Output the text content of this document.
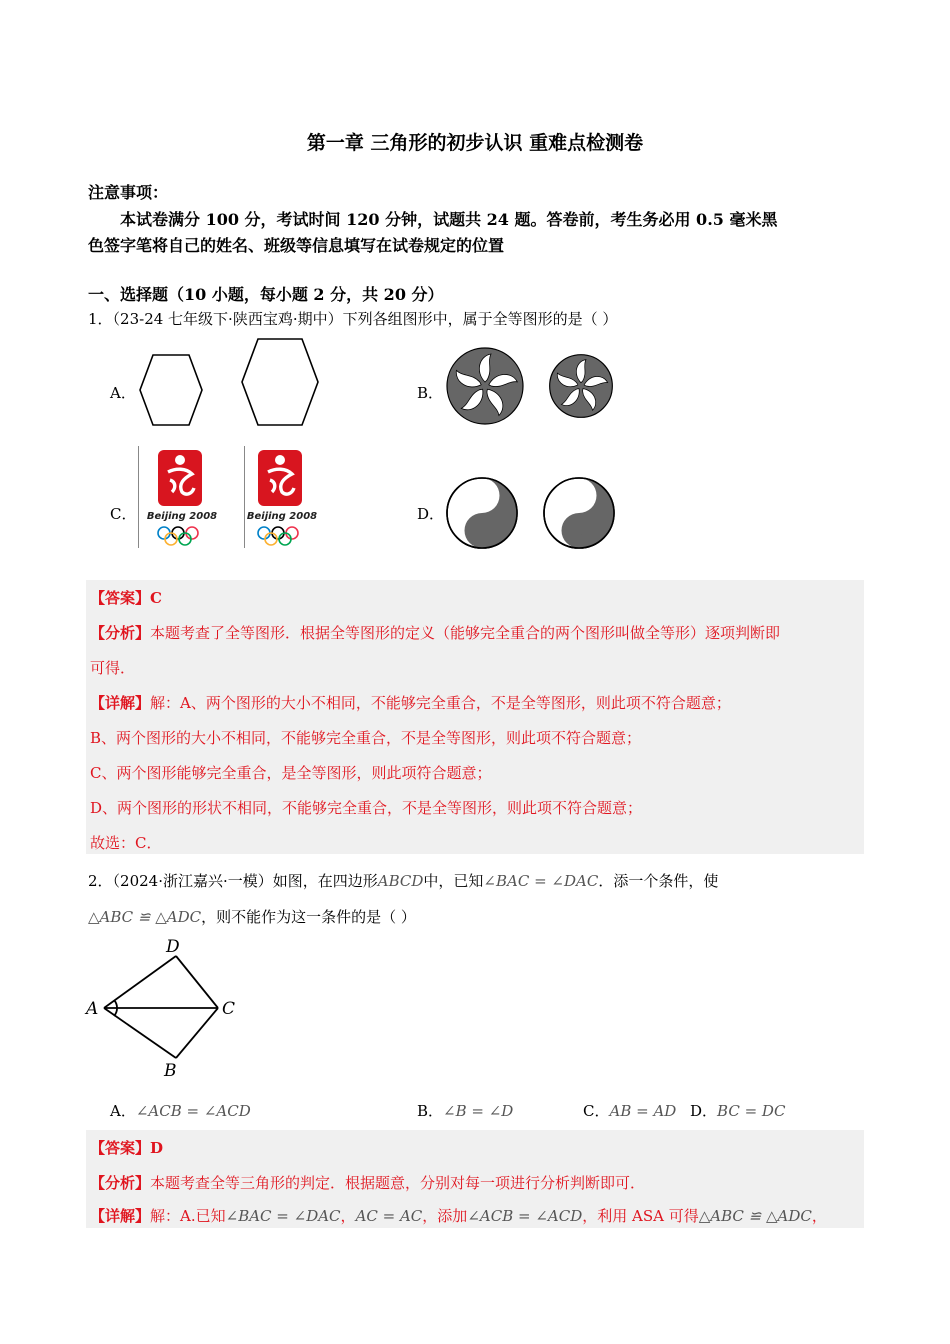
第一章 三角形的初步认识 重难点检测卷
注意事项：
本试卷满分 100 分，考试时间 120 分钟，试题共 24 题。答卷前，考生务必用 0.5 毫米黑
色签字笔将自己的姓名、班级等信息填写在试卷规定的位置
一、选择题（10 小题，每小题 2 分，共 20 分）
1．（23-24 七年级下·陕西宝鸡·期中）下列各组图形中，属于全等图形的是（ ）
A．	B．
C． Beijing 2008	Beijing 2008	D．
【答案】C
【分析】本题考查了全等图形．根据全等图形的定义（能够完全重合的两个图形叫做全等形）逐项判断即
可得．
【详解】解：A、两个图形的大小不相同，不能够完全重合，不是全等图形，则此项不符合题意；
B、两个图形的大小不相同，不能够完全重合，不是全等图形，则此项不符合题意；
C、两个图形能够完全重合，是全等图形，则此项符合题意；
D、两个图形的形状不相同，不能够完全重合，不是全等图形，则此项不符合题意；
故选：C．
2．（2024·浙江嘉兴·一模）如图，在四边形ABCD中，已知∠BAC = ∠DAC．添一个条件，使
△ABC ≌ △ADC，则不能作为这一条件的是（ ）
D
A	C
B
A．∠ACB = ∠ACD	B．∠B = ∠D	C．AB = AD D．BC = DC
【答案】D
【分析】本题考查全等三角形的判定．根据题意，分别对每一项进行分析判断即可．
【详解】解：A.已知∠BAC = ∠DAC，AC = AC，添加∠ACB = ∠ACD，利用 ASA 可得△ABC ≌ △ADC，
